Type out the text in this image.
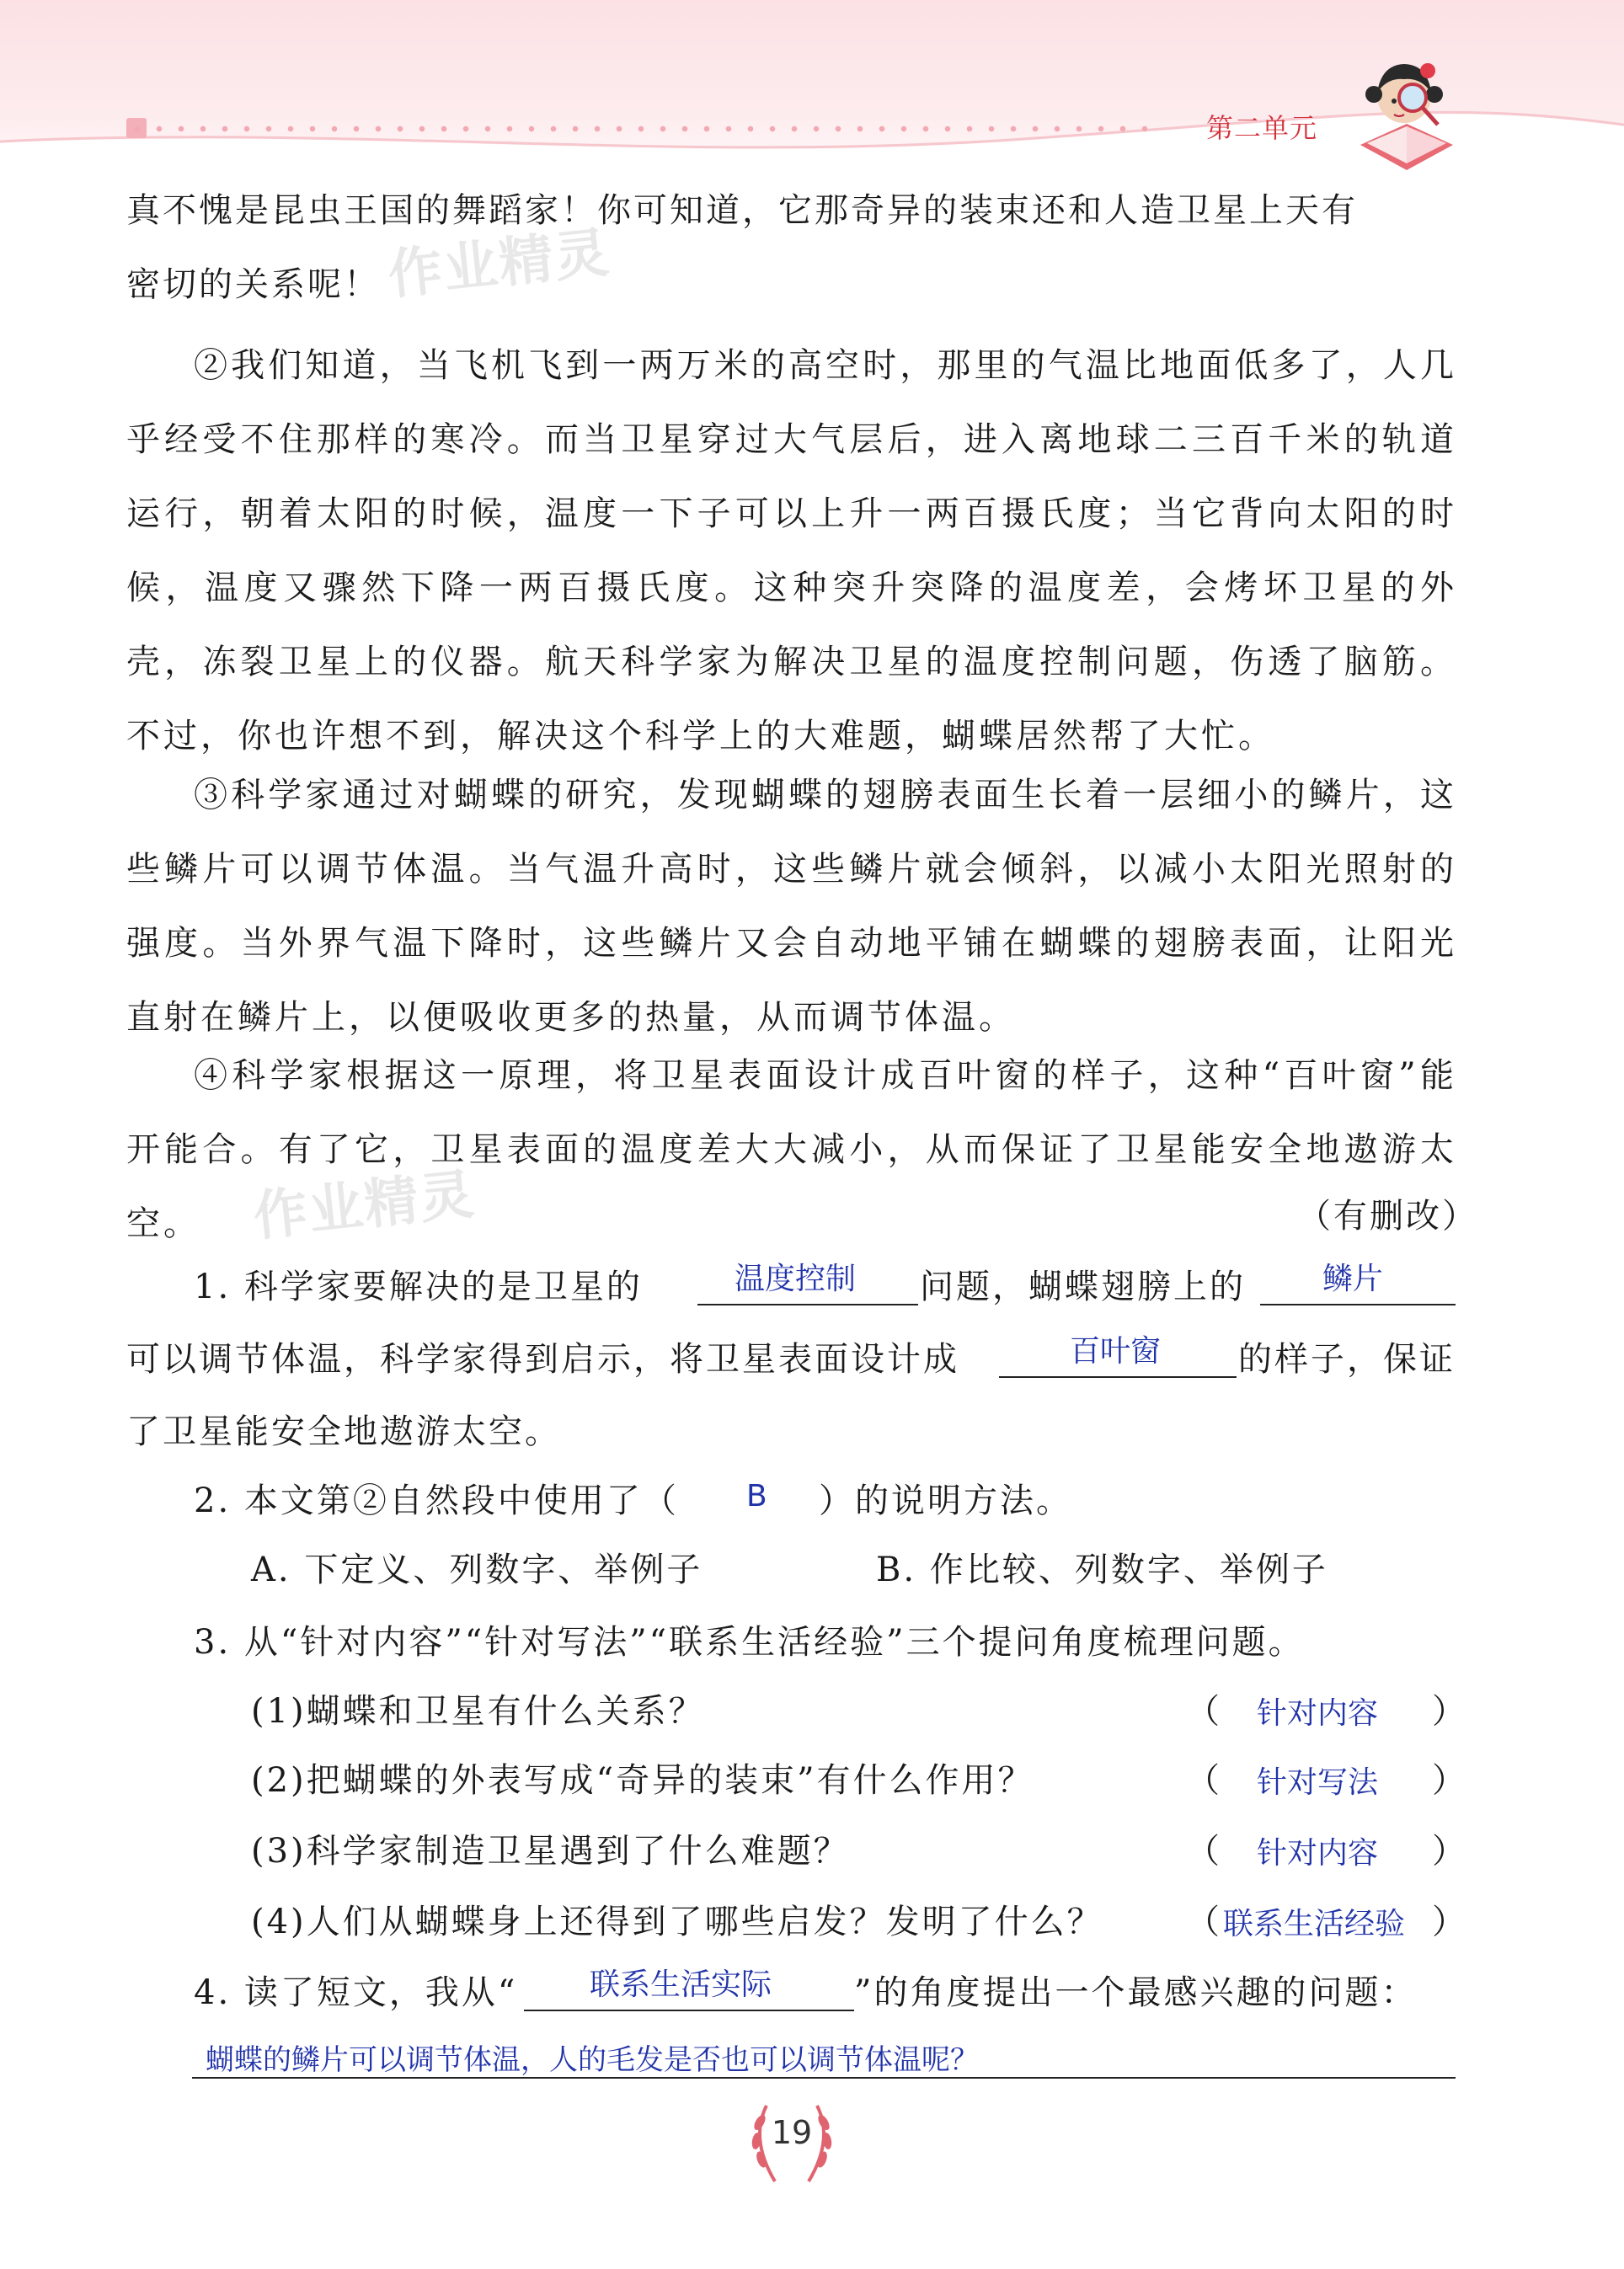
第二单元
真不愧是昆虫王国的舞蹈家！你可知道，它那奇异的装束还和人造卫星上天有
密切的关系呢！
②我们知道，当飞机飞到一两万米的高空时，那里的气温比地面低多了，人几乎经受不住那样的寒冷。而当卫星穿过大气层后，进入离地球二三百千米的轨道运行，朝着太阳的时候，温度一下子可以上升一两百摄氏度；当它背向太阳的时候，温度又骤然下降一两百摄氏度。这种突升突降的温度差，会烤坏卫星的外壳，冻裂卫星上的仪器。航天科学家为解决卫星的温度控制问题，伤透了脑筋。不过，你也许想不到，解决这个科学上的大难题，蝴蝶居然帮了大忙。
③科学家通过对蝴蝶的研究，发现蝴蝶的翅膀表面生长着一层细小的鳞片，这些鳞片可以调节体温。当气温升高时，这些鳞片就会倾斜，以减小太阳光照射的强度。当外界气温下降时，这些鳞片又会自动地平铺在蝴蝶的翅膀表面，让阳光直射在鳞片上，以便吸收更多的热量，从而调节体温。
④科学家根据这一原理，将卫星表面设计成百叶窗的样子，这种“百叶窗”能开能合。有了它，卫星表面的温度差大大减小，从而保证了卫星能安全地遨游太空。	（有删改）
作业精灵
作业精灵
1. 科学家要解决的是卫星的	温度控制 问题，蝴蝶翅膀上的	鳞片
可以调节体温，科学家得到启示，将卫星表面设计成	百叶窗 的样子，保证
了卫星能安全地遨游太空。
2. 本文第②自然段中使用了（ B ）的说明方法。
A. 下定义、列数字、举例子	B. 作比较、列数字、举例子
3. 从“针对内容”“针对写法”“联系生活经验”三个提问角度梳理问题。
(1)蝴蝶和卫星有什么关系？	（ 针对内容 ）
(2)把蝴蝶的外表写成“奇异的装束”有什么作用？	（ 针对写法 ）
(3)科学家制造卫星遇到了什么难题？	（ 针对内容 ）
(4)人们从蝴蝶身上还得到了哪些启发？发明了什么？ （ 联系生活经验 ）
4. 读了短文，我从“ 联系生活实际 ”的角度提出一个最感兴趣的问题：
蝴蝶的鳞片可以调节体温，人的毛发是否也可以调节体温呢？
19
